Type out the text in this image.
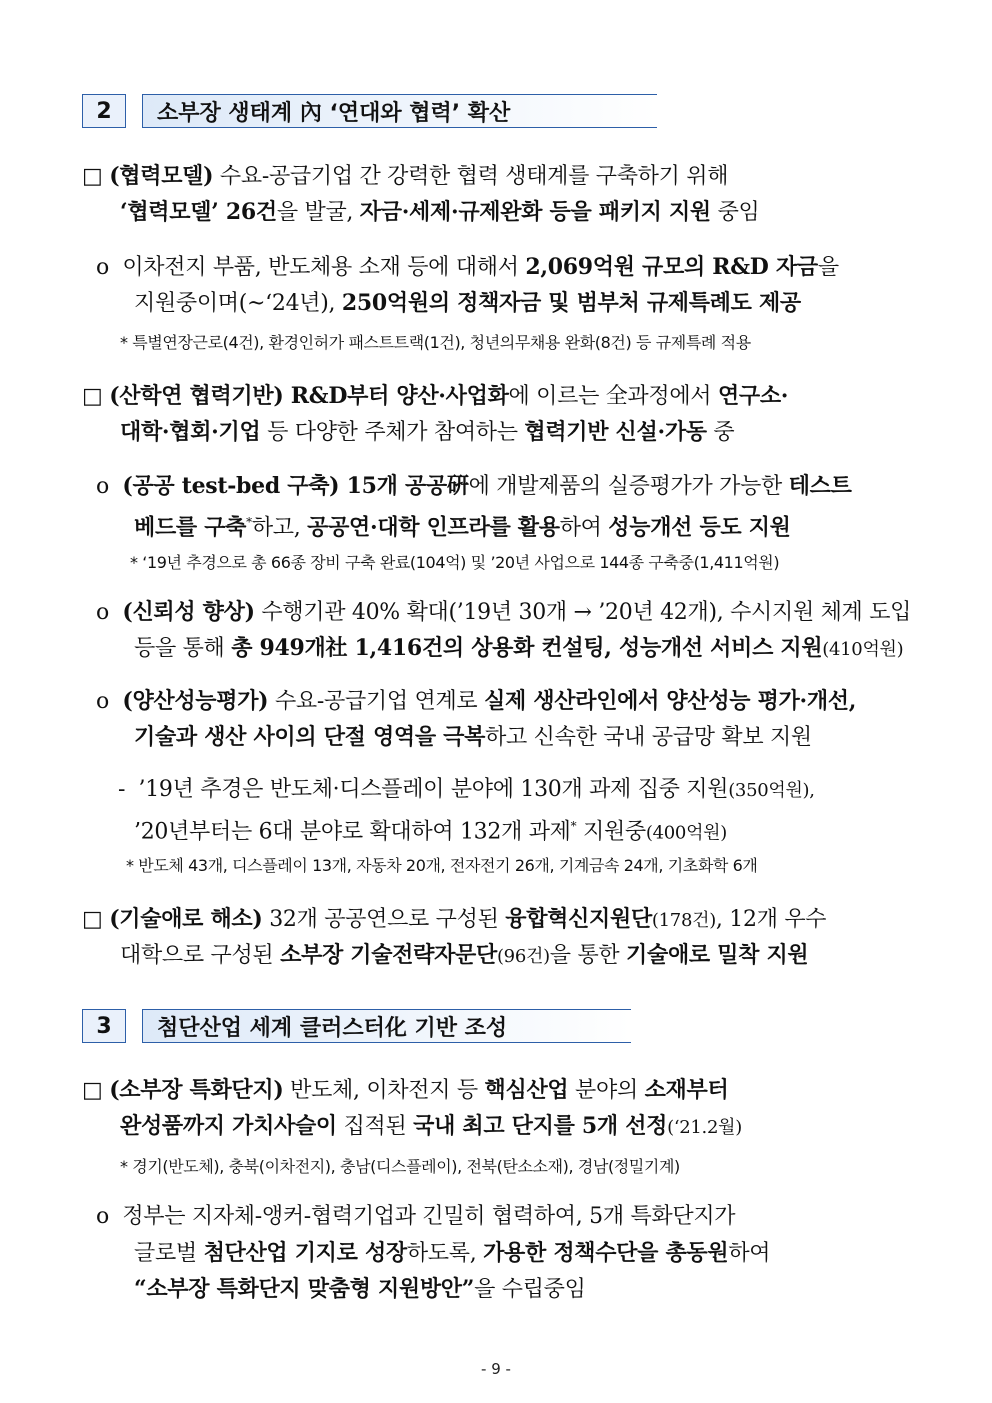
2	소부장 생태계 內 ‘연대와 협력’ 확산
□ (협력모델) 수요-공급기업 간 강력한 협력 생태계를 구축하기 위해
‘협력모델’ 26건을 발굴, 자금·세제·규제완화 등을 패키지 지원 중임
ο 이차전지 부품, 반도체용 소재 등에 대해서 2,069억원 규모의 R&D 자금을
지원중이며(~‘24년), 250억원의 정책자금 및 범부처 규제특례도 제공
* 특별연장근로(4건), 환경인허가 패스트트랙(1건), 청년의무채용 완화(8건) 등 규제특례 적용
□ (산학연 협력기반) R&D부터 양산·사업화에 이르는 全과정에서 연구소·
대학·협회·기업 등 다양한 주체가 참여하는 협력기반 신설·가동 중
ο (공공 test-bed 구축) 15개 공공硏에 개발제품의 실증평가가 가능한 테스트
베드를 구축*하고, 공공연·대학 인프라를 활용하여 성능개선 등도 지원
* ‘19년 추경으로 총 66종 장비 구축 완료(104억) 및 ’20년 사업으로 144종 구축중(1,411억원)
ο (신뢰성 향상) 수행기관 40% 확대(’19년 30개 → ’20년 42개), 수시지원 체계 도입
등을 통해 총 949개社 1,416건의 상용화 컨설팅, 성능개선 서비스 지원(410억원)
ο (양산성능평가) 수요-공급기업 연계로 실제 생산라인에서 양산성능 평가·개선,
기술과 생산 사이의 단절 영역을 극복하고 신속한 국내 공급망 확보 지원
- ’19년 추경은 반도체·디스플레이 분야에 130개 과제 집중 지원(350억원),
’20년부터는 6대 분야로 확대하여 132개 과제* 지원중(400억원)
* 반도체 43개, 디스플레이 13개, 자동차 20개, 전자전기 26개, 기계금속 24개, 기초화학 6개
□ (기술애로 해소) 32개 공공연으로 구성된 융합혁신지원단(178건), 12개 우수
대학으로 구성된 소부장 기술전략자문단(96건)을 통한 기술애로 밀착 지원
3	첨단산업 세계 클러스터化 기반 조성
□ (소부장 특화단지) 반도체, 이차전지 등 핵심산업 분야의 소재부터
완성품까지 가치사슬이 집적된 국내 최고 단지를 5개 선정(‘21.2월)
* 경기(반도체), 충북(이차전지), 충남(디스플레이), 전북(탄소소재), 경남(정밀기계)
ο 정부는 지자체-앵커-협력기업과 긴밀히 협력하여, 5개 특화단지가
글로벌 첨단산업 기지로 성장하도록, 가용한 정책수단을 총동원하여
“소부장 특화단지 맞춤형 지원방안”을 수립중임
- 9 -
